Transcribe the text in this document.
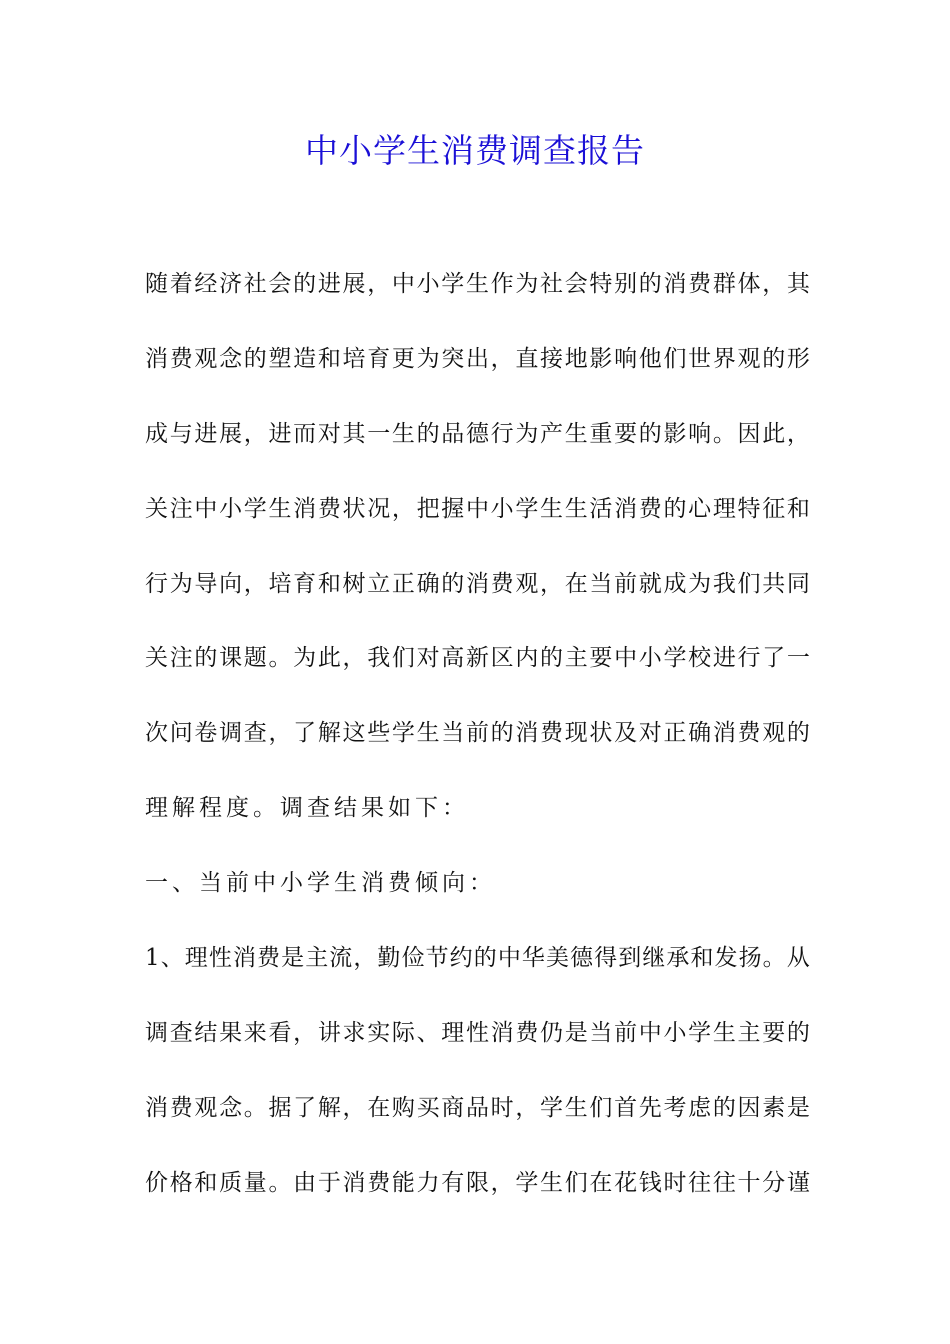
中小学生消费调查报告
随 着 经 济 社 会 的 进 展 ， 中 小 学 生 作 为 社 会 特 别 的 消 费 群 体 ， 其
消 费 观 念 的 塑 造 和 培 育 更 为 突 出 ， 直 接 地 影 响 他 们 世 界 观 的 形
成 与 进 展 ， 进 而 对 其 一 生 的 品 德 行 为 产 生 重 要 的 影 响 。 因 此 ，
关 注 中 小 学 生 消 费 状 况 ， 把 握 中 小 学 生 生 活 消 费 的 心 理 特 征 和
行 为 导 向 ， 培 育 和 树 立 正 确 的 消 费 观 ， 在 当 前 就 成 为 我 们 共 同
关 注 的 课 题 。 为 此 ， 我 们 对 高 新 区 内 的 主 要 中 小 学 校 进 行 了 一
次 问 卷 调 查 ， 了 解 这 些 学 生 当 前 的 消 费 现 状 及 对 正 确 消 费 观 的
理解程度。调查结果如下：
一、当前中小学生消费倾向：
1 、 理 性 消 费 是 主 流 ， 勤 俭 节 约 的 中 华 美 德 得 到 继 承 和 发 扬 。 从
调 查 结 果 来 看 ， 讲 求 实 际 、 理 性 消 费 仍 是 当 前 中 小 学 生 主 要 的
消 费 观 念 。 据 了 解 ， 在 购 买 商 品 时 ， 学 生 们 首 先 考 虑 的 因 素 是
价 格 和 质 量 。 由 于 消 费 能 力 有 限 ， 学 生 们 在 花 钱 时 往 往 十 分 谨
